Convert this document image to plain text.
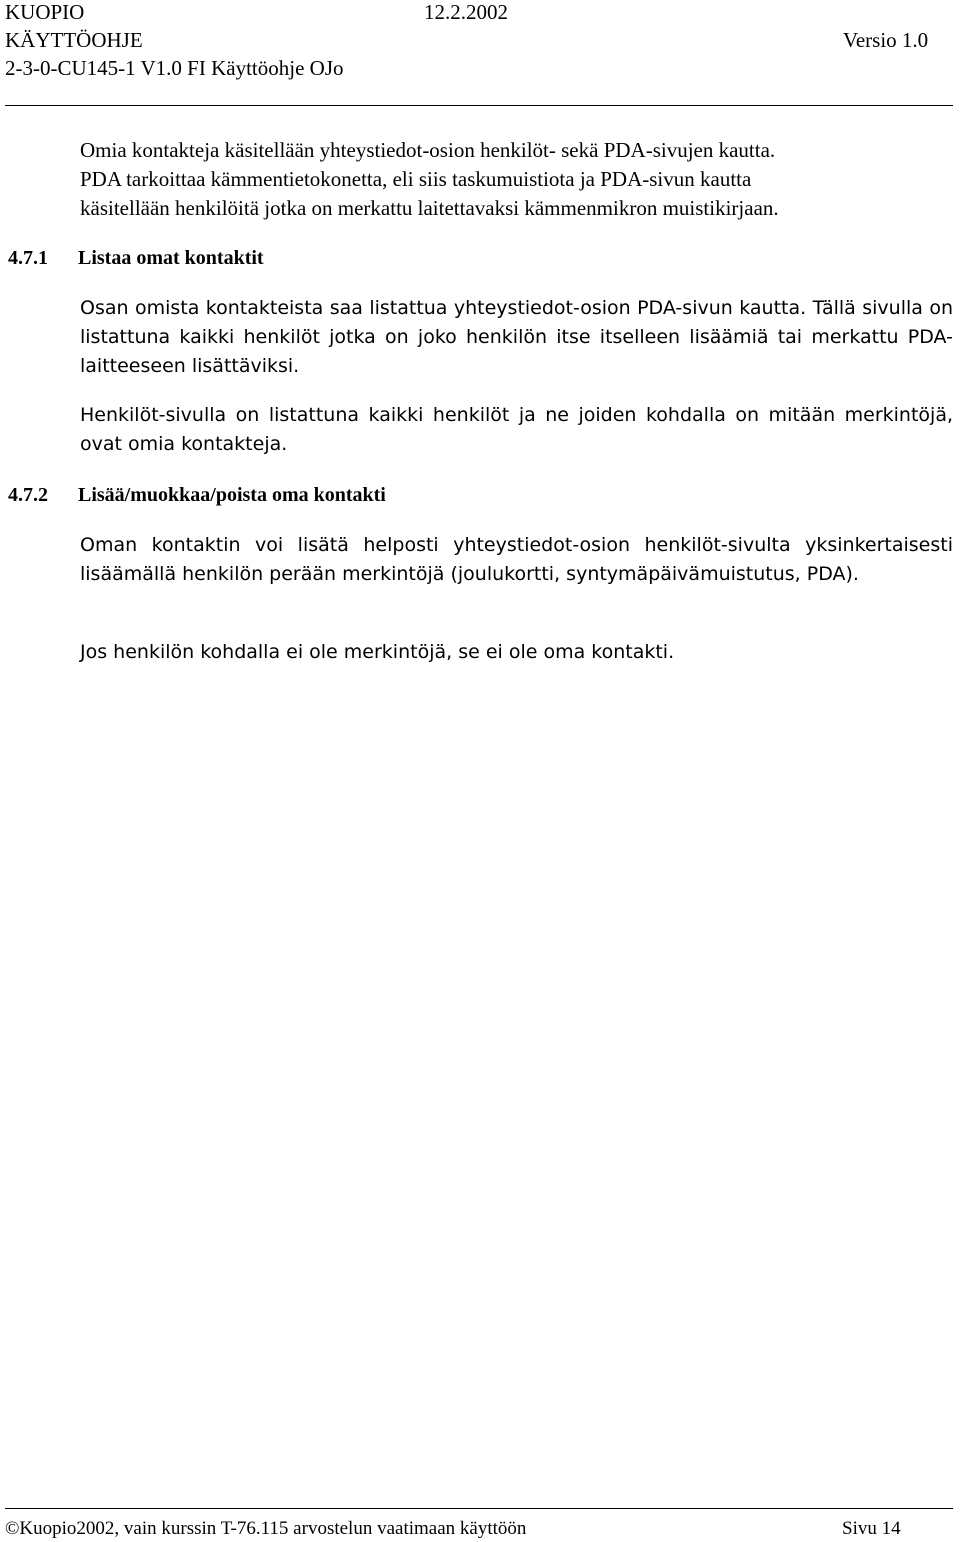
KUOPIO	12.2.2002
KÄYTTÖOHJE	Versio 1.0
2-3-0-CU145-1 V1.0 FI Käyttöohje OJo
Omia kontakteja käsitellään yhteystiedot-osion henkilöt- sekä PDA-sivujen kautta.
PDA tarkoittaa kämmentietokonetta, eli siis taskumuistiota ja PDA-sivun kautta
käsitellään henkilöitä jotka on merkattu laitettavaksi kämmenmikron muistikirjaan.
4.7.1 Listaa omat kontaktit

Osan omista kontakteista saa listattua yhteystiedot-osion PDA-sivun kautta. Tällä sivulla on listattuna kaikki henkilöt jotka on joko henkilön itse itselleen lisäämiä tai merkattu PDA-laitteeseen lisättäviksi.

Henkilöt-sivulla on listattuna kaikki henkilöt ja ne joiden kohdalla on mitään merkintöjä, ovat omia kontakteja.

4.7.2 Lisää/muokkaa/poista oma kontakti

Oman kontaktin voi lisätä helposti yhteystiedot-osion henkilöt-sivulta yksinkertaisesti lisäämällä henkilön perään merkintöjä (joulukortti, syntymäpäivämuistutus, PDA).

Jos henkilön kohdalla ei ole merkintöjä, se ei ole oma kontakti.

©Kuopio2002, vain kurssin T-76.115 arvostelun vaatimaan käyttöön	Sivu 14
